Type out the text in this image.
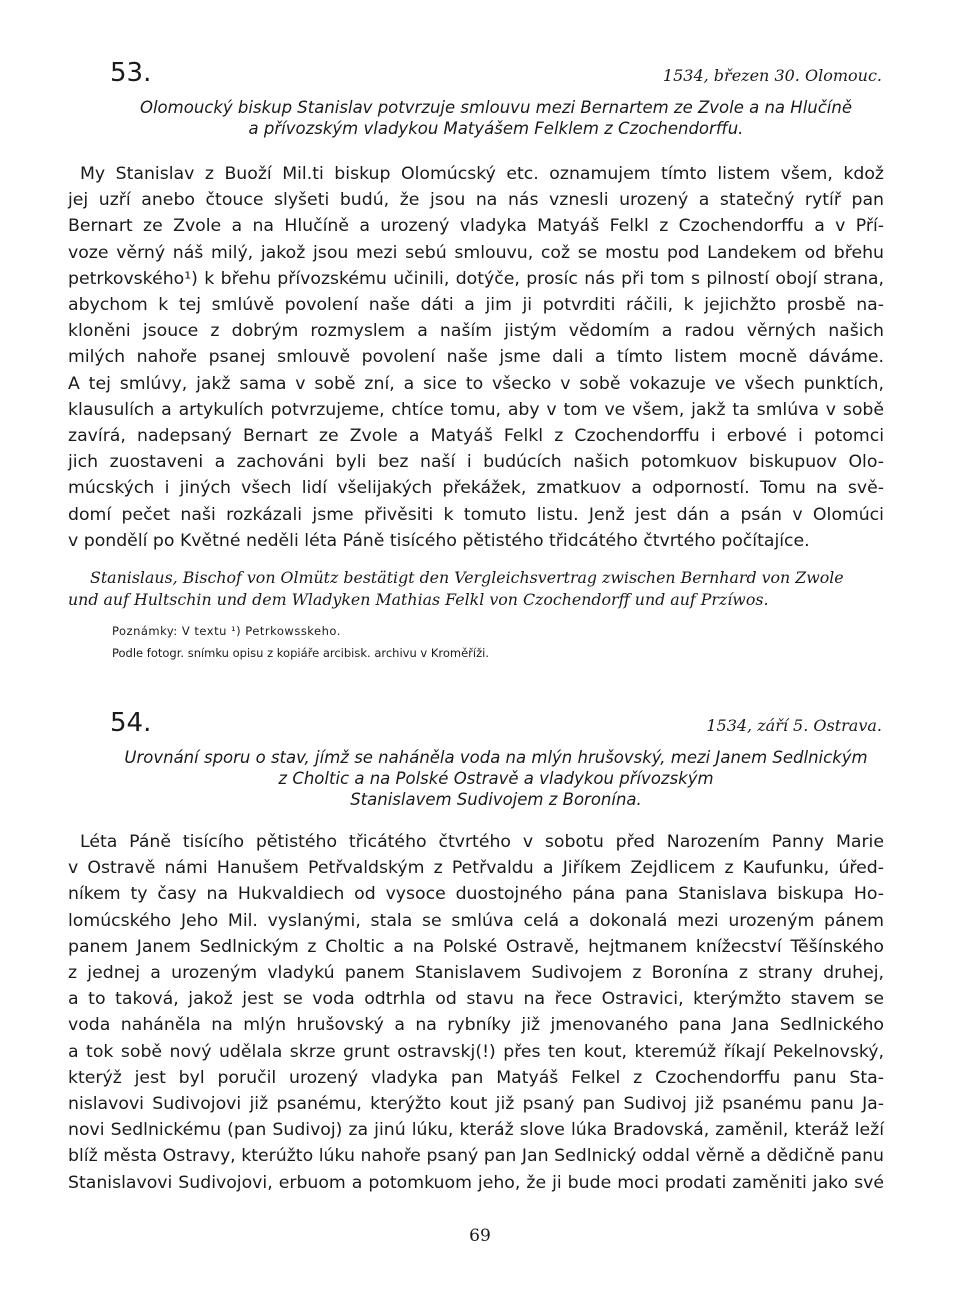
53.	1534, březen 30. Olomouc.
Olomoucký biskup Stanislav potvrzuje smlouvu mezi Bernartem ze Zvole a na Hlučíně
a přívozským vladykou Matyášem Felklem z Czochendorffu.
My Stanislav z Buoží Mil.ti biskup Olomúcský etc. oznamujem tímto listem všem, kdož
jej uzří anebo čtouce slyšeti budú, že jsou na nás vznesli urozený a statečný rytíř pan
Bernart ze Zvole a na Hlučíně a urozený vladyka Matyáš Felkl z Czochendorffu a v Pří-
voze věrný náš milý, jakož jsou mezi sebú smlouvu, což se mostu pod Landekem od břehu
petrkovského¹) k břehu přívozskému učinili, dotýče, prosíc nás při tom s pilností obojí strana,
abychom k tej smlúvě povolení naše dáti a jim ji potvrditi ráčili, k jejichžto prosbě na-
kloněni jsouce z dobrým rozmyslem a naším jistým vědomím a radou věrných našich
milých nahoře psanej smlouvě povolení naše jsme dali a tímto listem mocně dáváme.
A tej smlúvy, jakž sama v sobě zní, a sice to všecko v sobě vokazuje ve všech punktích,
klausulích a artykulích potvrzujeme, chtíce tomu, aby v tom ve všem, jakž ta smlúva v sobě
zavírá, nadepsaný Bernart ze Zvole a Matyáš Felkl z Czochendorffu i erbové i potomci
jich zuostaveni a zachováni byli bez naší i budúcích našich potomkuov biskupuov Olo-
múcských i jiných všech lidí všelijakých překážek, zmatkuov a odporností. Tomu na svě-
domí pečet naši rozkázali jsme přivěsiti k tomuto listu. Jenž jest dán a psán v Olomúci
v pondělí po Květné neděli léta Páně tisícého pětistého třidcátého čtvrtého počítajíce.
Stanislaus, Bischof von Olmütz bestätigt den Vergleichsvertrag zwischen Bernhard von Zwole
und auf Hultschin und dem Wladyken Mathias Felkl von Czochendorff und auf Przíwos.
Poznámky: V textu ¹) Petrkowsskeho.
Podle fotogr. snímku opisu z kopiáře arcibisk. archivu v Kroměříži.
54.	1534, září 5. Ostrava.
Urovnání sporu o stav, jímž se naháněla voda na mlýn hrušovský, mezi Janem Sedlnickým
z Choltic a na Polské Ostravě a vladykou přívozským
Stanislavem Sudivojem z Boronína.
Léta Páně tisícího pětistého třicátého čtvrtého v sobotu před Narozením Panny Marie
v Ostravě námi Hanušem Petřvaldským z Petřvaldu a Jiříkem Zejdlicem z Kaufunku, úřed-
níkem ty časy na Hukvaldiech od vysoce duostojného pána pana Stanislava biskupa Ho-
lomúcského Jeho Mil. vyslanými, stala se smlúva celá a dokonalá mezi urozeným pánem
panem Janem Sedlnickým z Choltic a na Polské Ostravě, hejtmanem knížecství Těšínského
z jednej a urozeným vladykú panem Stanislavem Sudivojem z Boronína z strany druhej,
a to taková, jakož jest se voda odtrhla od stavu na řece Ostravici, kterýmžto stavem se
voda naháněla na mlýn hrušovský a na rybníky již jmenovaného pana Jana Sedlnického
a tok sobě nový udělala skrze grunt ostravskj(!) přes ten kout, kteremúž říkají Pekelnovský,
kterýž jest byl poručil urozený vladyka pan Matyáš Felkel z Czochendorffu panu Sta-
nislavovi Sudivojovi již psanému, kterýžto kout již psaný pan Sudivoj již psanému panu Ja-
novi Sedlnickému (pan Sudivoj) za jinú lúku, kteráž slove lúka Bradovská, zaměnil, kteráž leží
blíž města Ostravy, kterúžto lúku nahoře psaný pan Jan Sedlnický oddal věrně a dědičně panu
Stanislavovi Sudivojovi, erbuom a potomkuom jeho, že ji bude moci prodati zaměniti jako své
69
